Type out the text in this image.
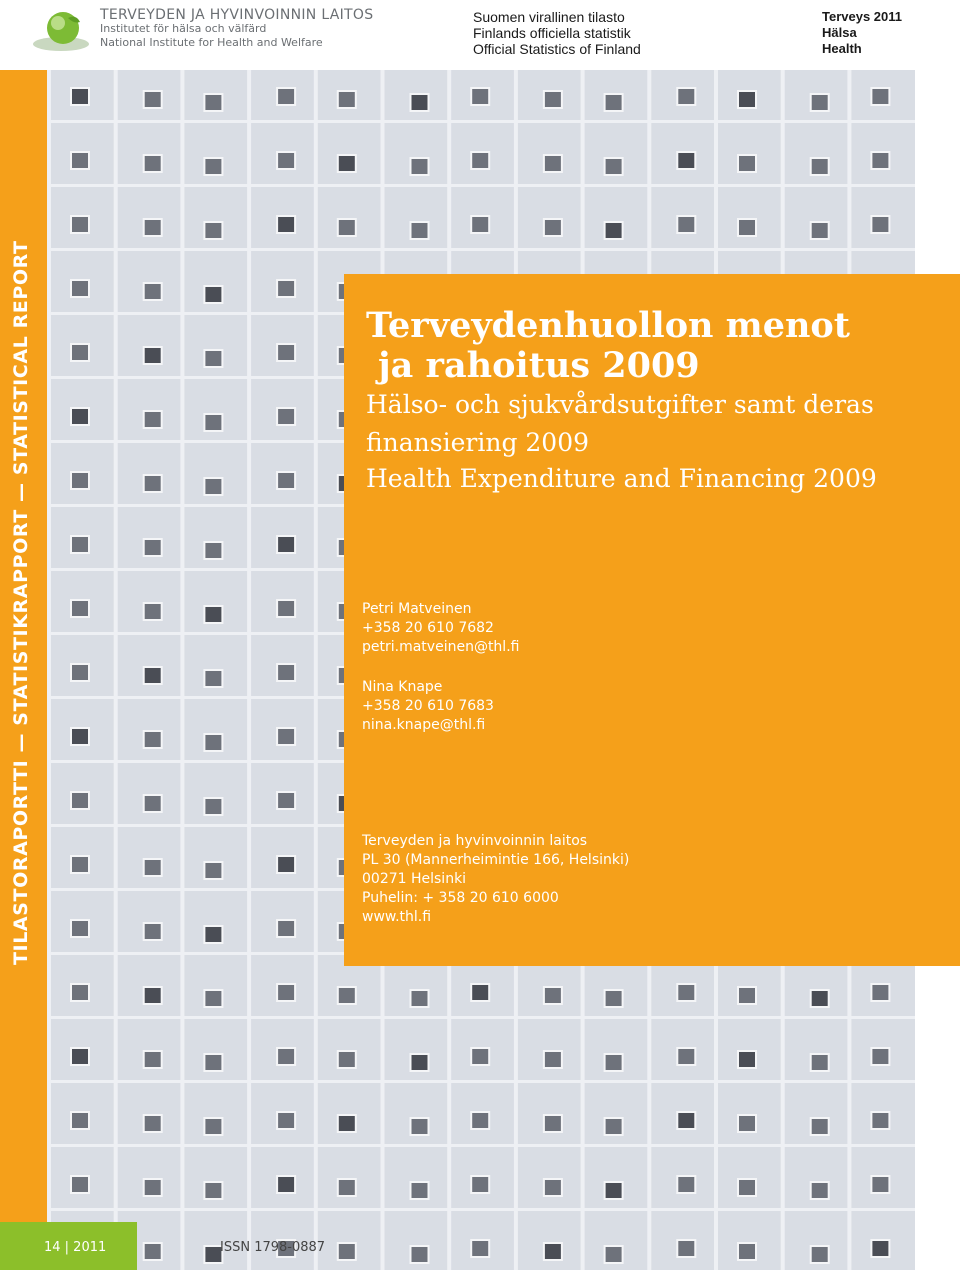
TERVEYDEN JA HYVINVOINNIN LAITOS
Institutet för hälsa och välfärd
National Institute for Health and Welfare
Suomen virallinen tilasto
Finlands officiella statistik
Official Statistics of Finland
Terveys 2011
Hälsa
Health
TILASTORAPORTTI — STATISTIKRAPPORT — STATISTICAL REPORT	Terveydenhuollon menot
ja rahoitus 2009
Hälso- och sjukvårdsutgifter samt deras
finansiering 2009
Health Expenditure and Financing 2009
Petri Matveinen
+358 20 610 7682
petri.matveinen@thl.fi
Nina Knape
+358 20 610 7683
nina.knape@thl.fi
Terveyden ja hyvinvoinnin laitos
PL 30 (Mannerheimintie 166, Helsinki)
00271 Helsinki
Puhelin: + 358 20 610 6000
www.thl.fi
14 | 2011	ISSN 1798-0887
